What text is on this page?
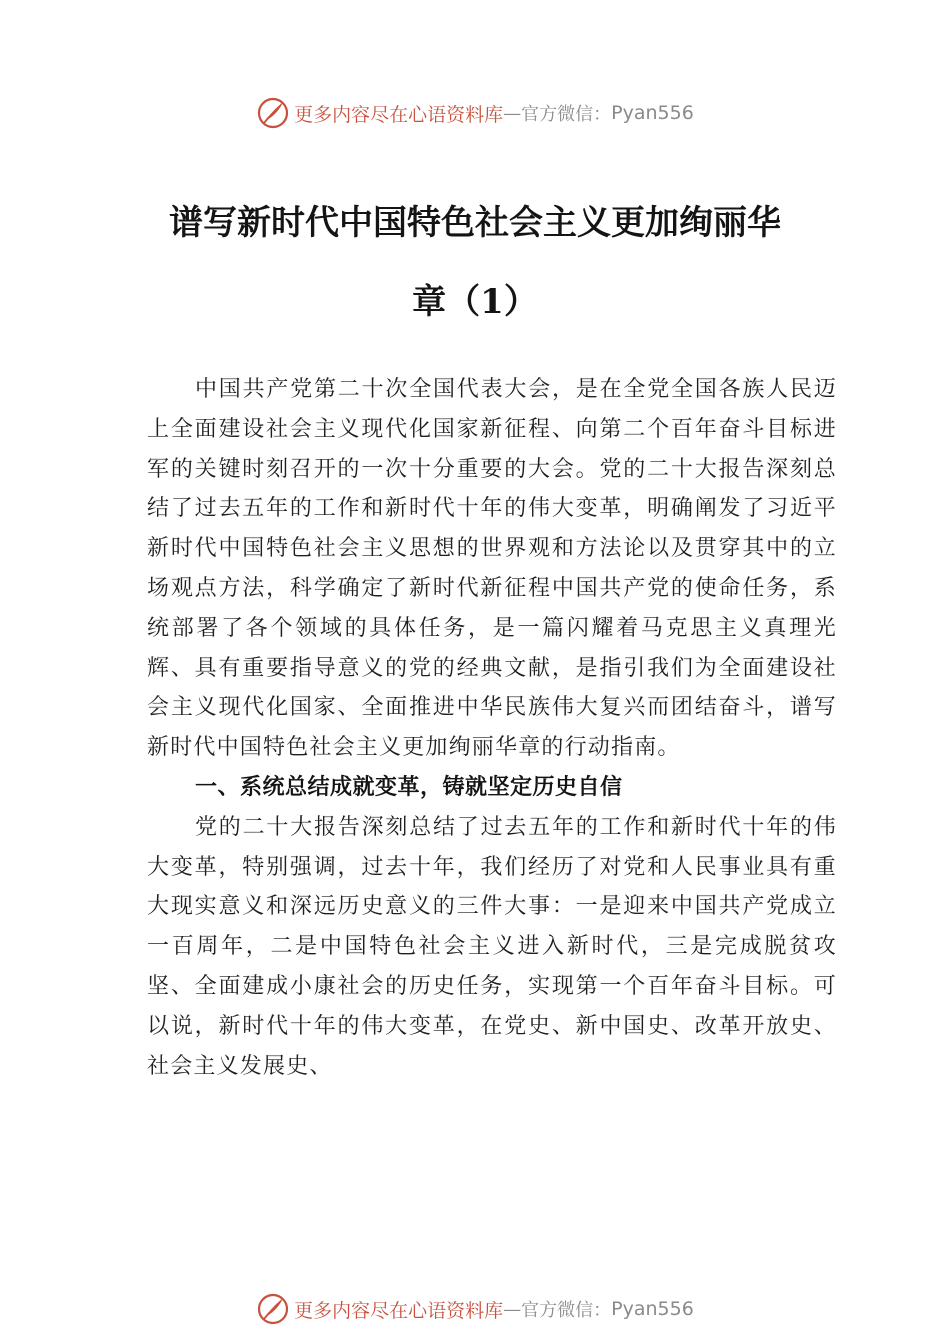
更多内容尽在心语资料库 — 官方微信： Pyan556
谱写新时代中国特色社会主义更加绚丽华
章（1）

中国共产党第二十次全国代表大会，是在全党全国各族人民迈上全面建设社会主义现代化国家新征程、向第二个百年奋斗目标进军的关键时刻召开的一次十分重要的大会。党的二十大报告深刻总结了过去五年的工作和新时代十年的伟大变革，明确阐发了习近平新时代中国特色社会主义思想的世界观和方法论以及贯穿其中的立场观点方法，科学确定了新时代新征程中国共产党的使命任务，系统部署了各个领域的具体任务，是一篇闪耀着马克思主义真理光辉、具有重要指导意义的党的经典文献，是指引我们为全面建设社会主义现代化国家、全面推进中华民族伟大复兴而团结奋斗，谱写新时代中国特色社会主义更加绚丽华章的行动指南。

一、系统总结成就变革，铸就坚定历史自信

党的二十大报告深刻总结了过去五年的工作和新时代十年的伟大变革，特别强调，过去十年，我们经历了对党和人民事业具有重大现实意义和深远历史意义的三件大事：一是迎来中国共产党成立一百周年，二是中国特色社会主义进入新时代，三是完成脱贫攻坚、全面建成小康社会的历史任务，实现第一个百年奋斗目标。可以说，新时代十年的伟大变革，在党史、新中国史、改革开放史、社会主义发展史、

更多内容尽在心语资料库 — 官方微信： Pyan556
